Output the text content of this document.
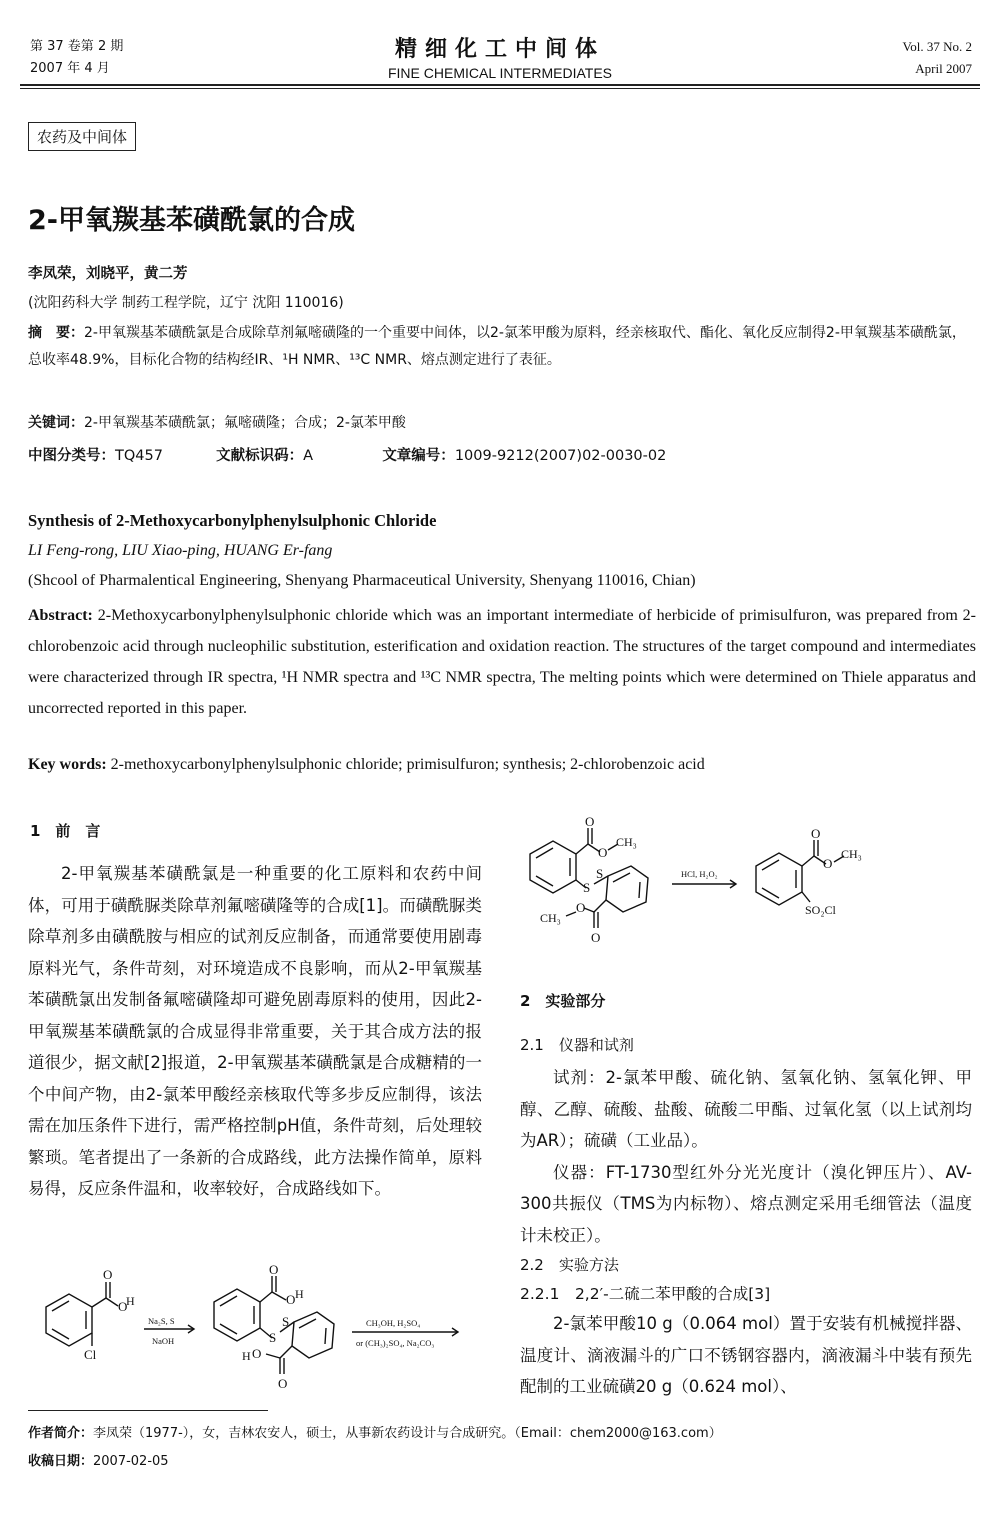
第 37 卷第 2 期
2007 年 4 月
精细化工中间体
FINE CHEMICAL INTERMEDIATES
Vol. 37 No. 2
April 2007
农药及中间体
2-甲氧羰基苯磺酰氯的合成
李凤荣，刘晓平，黄二芳
(沈阳药科大学 制药工程学院，辽宁 沈阳 110016)
摘　要：2-甲氧羰基苯磺酰氯是合成除草剂氟嘧磺隆的一个重要中间体，以2-氯苯甲酸为原料，经亲核取代、酯化、氧化反应制得2-甲氧羰基苯磺酰氯，总收率48.9%，目标化合物的结构经IR、¹H NMR、¹³C NMR、熔点测定进行了表征。
关键词：2-甲氧羰基苯磺酰氯；氟嘧磺隆；合成；2-氯苯甲酸
中图分类号：TQ457	文献标识码：A	文章编号：1009-9212(2007)02-0030-02
Synthesis of 2-Methoxycarbonylphenylsulphonic Chloride
LI Feng-rong, LIU Xiao-ping, HUANG Er-fang
(Shcool of Pharmalentical Engineering, Shenyang Pharmaceutical University, Shenyang 110016, Chian)
Abstract: 2-Methoxycarbonylphenylsulphonic chloride which was an important intermediate of herbicide of primisulfuron, was prepared from 2-chlorobenzoic acid through nucleophilic substitution, esterification and oxidation reaction. The structures of the target compound and intermediates were characterized through IR spectra, ¹H NMR spectra and ¹³C NMR spectra, The melting points which were determined on Thiele apparatus and uncorrected reported in this paper.
Key words: 2-methoxycarbonylphenylsulphonic chloride; primisulfuron; synthesis; 2-chlorobenzoic acid
1　前　言

2-甲氧羰基苯磺酰氯是一种重要的化工原料和农药中间体，可用于磺酰脲类除草剂氟嘧磺隆等的合成[1]。而磺酰脲类除草剂多由磺酰胺与相应的试剂反应制备，而通常要使用剧毒原料光气，条件苛刻，对环境造成不良影响，而从2-甲氧羰基苯磺酰氯出发制备氟嘧磺隆却可避免剧毒原料的使用，因此2-甲氧羰基苯磺酰氯的合成显得非常重要，关于其合成方法的报道很少，据文献[2]报道，2-甲氧羰基苯磺酰氯是合成糖精的一个中间产物，由2-氯苯甲酸经亲核取代等多步反应制得，该法需在加压条件下进行，需严格控制pH值，条件苛刻，后处理较繁琐。笔者提出了一条新的合成路线，此方法操作简单，原料易得，反应条件温和，收率较好，合成路线如下。

O
O
H
Cl
Na₂S, S
NaOH
O
O H
S
S
O
H O
CH₃OH, H₂SO₄
or (CH₃)₂SO₄, Na₂CO₃
O
O
CH₃
S
S
O
O
CH₃
HCl, H₂O₂
O
O
CH₃
SO₂Cl
2　实验部分
2.1　仪器和试剂

试剂：2-氯苯甲酸、硫化钠、氢氧化钠、氢氧化钾、甲醇、乙醇、硫酸、盐酸、硫酸二甲酯、过氧化氢（以上试剂均为AR）；硫磺（工业品）。

仪器：FT-1730型红外分光光度计（溴化钾压片）、AV-300共振仪（TMS为内标物）、熔点测定采用毛细管法（温度计未校正）。

2.2　实验方法
2.2.1　2,2′-二硫二苯甲酸的合成[3]

2-氯苯甲酸10 g（0.064 mol）置于安装有机械搅拌器、温度计、滴液漏斗的广口不锈钢容器内，滴液漏斗中装有预先配制的工业硫磺20 g（0.624 mol）、

作者简介：李凤荣（1977-），女，吉林农安人，硕士，从事新农药设计与合成研究。（Email：chem2000@163.com）
收稿日期：2007-02-05
